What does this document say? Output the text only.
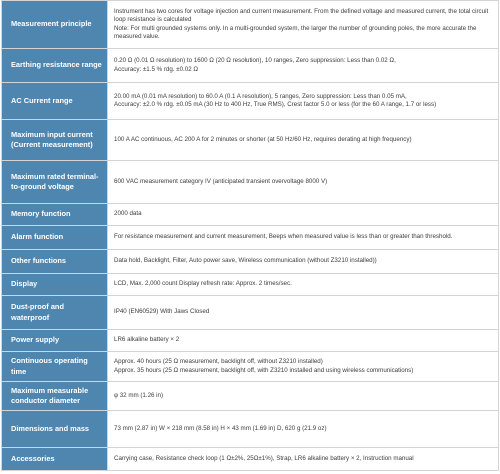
Measurement principle	Instrument has two cores for voltage injection and current measurement. From the defined voltage and measured current, the total circuit loop resistance is calculated
Note: For multi grounded systems only. In a multi-grounded system, the larger the number of grounding poles, the more accurate the measured value.
Earthing resistance range	0.20 Ω (0.01 Ω resolution) to 1600 Ω (20 Ω resolution), 10 ranges, Zero suppression: Less than 0.02 Ω,
Accuracy: ±1.5 % rdg. ±0.02 Ω
AC Current range	20.00 mA (0.01 mA resolution) to 60.0 A (0.1 A resolution), 5 ranges, Zero suppression: Less than 0.05 mA,
Accuracy: ±2.0 % rdg. ±0.05 mA (30 Hz to 400 Hz, True RMS), Crest factor 5.0 or less (for the 60 A range, 1.7 or less)
Maximum input current (Current measurement)	100 A AC continuous, AC 200 A for 2 minutes or shorter (at 50 Hz/60 Hz, requires derating at high frequency)
Maximum rated terminal-to-ground voltage	600 VAC measurement category IV (anticipated transient overvoltage 8000 V)
Memory function	2000 data
Alarm function	For resistance measurement and current measurement, Beeps when measured value is less than or greater than threshold.
Other functions	Data hold, Backlight, Filter, Auto power save, Wireless communication (without Z3210 installed))
Display	LCD, Max. 2,000 count Display refresh rate: Approx. 2 times/sec.
Dust-proof and waterproof	IP40 (EN60529) With Jaws Closed
Power supply	LR6 alkaline battery × 2
Continuous operating time	Approx. 40 hours (25 Ω measurement, backlight off, without Z3210 installed)
Approx. 35 hours (25 Ω measurement, backlight off, with Z3210 installed and using wireless communications)
Maximum measurable conductor diameter	φ 32 mm (1.26 in)
Dimensions and mass	73 mm (2.87 in) W × 218 mm (8.58 in) H × 43 mm (1.69 in) D, 620 g (21.9 oz)
Accessories	Carrying case, Resistance check loop (1 Ω±2%, 25Ω±1%), Strap, LR6 alkaline battery × 2, Instruction manual
